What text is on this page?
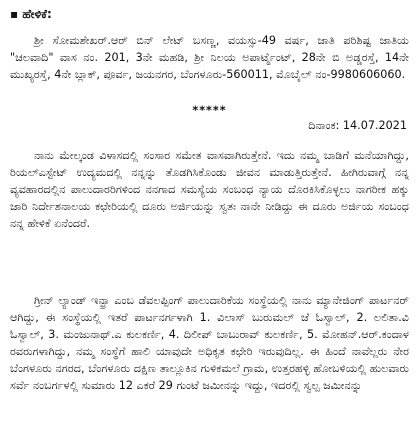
▪ ಹೇಳಿಕೆ:

ಶ್ರೀ ಸೋಮಶೇಖರ್.ಆರ್ ಬಿನ್ ಲೇಟ್ ಬಸಣ್ಣ, ವಯಸ್ಸು-49 ವರ್ಷ, ಜಾತಿ ಪರಿಶಿಷ್ಟ ಜಾತಿಯ "ಚಲವಾದಿ" ವಾಸ ನಂ. 201, 3ನೇ ಮಹಡಿ, ಶ್ರೀ ನಿಲಯ ಅಪಾರ್ಟ್ಮೆಂಟ್, 28ನೇ ಬಿ ಅಡ್ಡರಸ್ತೆ, 14ನೇ ಮುಖ್ಯರಸ್ತೆ, 4ನೇ ಬ್ಲಾಕ್, ಪೂರ್ವ, ಜಯನಗರ, ಬೆಂಗಳೂರು-560011, ಮೊಬೈಲ್ ನಂ-9980606060.

*****
ದಿನಾಂಕ: 14.07.2021

ನಾನು ಮೇಲ್ಕಂಡ ವಿಳಾಸದಲ್ಲಿ ಸಂಸಾರ ಸಮೇತ ವಾಸವಾಗಿರುತ್ತೇನೆ. ಇದು ನಮ್ಮ ಬಾಡಿಗೆ ಮನೆಯಾಗಿದ್ದು, ರಿಯಲ್ಎಸ್ಟೇಟ್ ಉದ್ಯಮದಲ್ಲಿ ನನ್ನನ್ನು ತೊಡಗಿಸಿಕೊಂಡು ಜೀವನ ಮಾಡುತ್ತಿರುತ್ತೇನೆ. ಹೀಗಿರುವಾಗ್ಗೆ ನನ್ನ ವ್ಯವಹಾರದಲ್ಲಿನ ಪಾಲುದಾರರಿಗಳಿಂದ ನನಗಾದ ಸಮಸ್ಯೆಯ ಸಂಬಂಧ ನ್ಯಾಯ ದೊರಕಿಸಿಕೊಳ್ಳಲು ನಾಗರೀಕ ಹಕ್ಕು ಜಾರಿ ನಿರ್ದೇಶನಾಲಯ ಕಛೇರಿಯಲ್ಲಿ ದೂರು ಅರ್ಜಿಯನ್ನು ಸ್ವತಃ ನಾನೇ ನೀಡಿದ್ದು ಈ ದೂರು ಅರ್ಜಿಯ ಸಂಬಂಧ ನನ್ನ ಹೇಳಿಕೆ ಏನೆಂದರೆ.

ಗ್ರೀನ್ ಲ್ಯಾಂಡ್ ಇನ್ಫ್ರಾ ಎಂಬ ಡೆವಲಪ್ಪಿಂಗ್ ಪಾಲುದಾರಿಕೆಯ ಸಂಸ್ಥೆಯಲ್ಲಿ ನಾನು ಮ್ಯಾನೇಜಿಂಗ್ ಪಾರ್ಟನರ್ ಆಗಿದ್ದು, ಈ ಸಂಸ್ಥೆಯಲ್ಲಿ ಇತರೆ ಪಾರ್ಟನರ್ಗಳಾಗಿ 1. ವಿಲಾಸ್ ಬುರುಮಲ್ ಜೆ ಓಸ್ವಾಲ್, 2. ಲಲಿತಾ.ವಿ ಓಸ್ವಾಲ್, 3. ಮಂಜುನಾಥ್.ಎ ಕುಲಕರ್ಣಿ, 4. ದಿಲೀಪ್ ಬಾಬುರಾವ್ ಕುಲಕರ್ಣಿ, 5. ಮೋಹನ್.ಆರ್.ಕಂದಾಳ ರವರುಗಳಾಗಿದ್ದು, ನಮ್ಮ ಸಂಸ್ಥೆಗೆ ಹಾಲಿ ಯಾವುದೇ ಅಧಿಕೃತ ಕಛೇರಿ ಇರುವುದಿಲ್ಲ. ಈ ಹಿಂದೆ ನಾವೆಲ್ಲರು ನೇರ ಬೆಂಗಳೂರು ನಗರದ, ಬೆಂಗಳೂರು ದಕ್ಷಿಣ ತಾಲ್ಲೂಕಿನ ಗುಳಿಕಮಲೆ ಗ್ರಾಮ, ಉತ್ತರಹಳ್ಳಿ ಹೋಬಳಿಯಲ್ಲಿ ಹುಲವಾರು ಸರ್ವೆ ನಂಬರ್ಗಳಲ್ಲಿ ಸುಮಾರು 12 ಎಕರೆ 29 ಗುಂಟೆ ಜಮೀನನ್ನು ಇದ್ದು, ಇದರಲ್ಲಿ ಸ್ವಲ್ಪ ಜಮೀನನ್ನು
